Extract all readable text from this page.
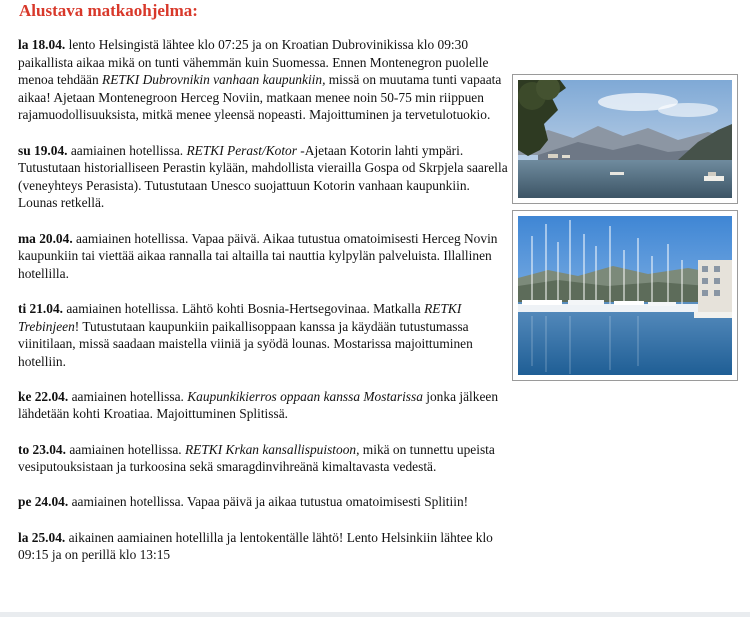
Alustava matkaohjelma:

la 18.04. lento Helsingistä lähtee klo 07:25 ja on Kroatian Dubrovinikissa klo 09:30 paikallista aikaa mikä on tunti vähemmän kuin Suomessa. Ennen Montenegron puolelle menoa tehdään RETKI Dubrovnikin vanhaan kaupunkiin, missä on muutama tunti vapaata aikaa! Ajetaan Montenegroon Herceg Noviin, matkaan menee noin 50-75 min riippuen rajamuodollisuuksista, mitkä menee yleensä nopeasti. Majoittuminen ja tervetulotuokio.

su 19.04. aamiainen hotellissa. RETKI Perast/Kotor -Ajetaan Kotorin lahti ympäri. Tutustutaan historialliseen Perastin kylään, mahdollista vierailla Gospa od Skrpjela saarella (veneyhteys Perasista). Tutustutaan Unesco suojattuun Kotorin vanhaan kaupunkiin. Lounas retkellä.

ma 20.04. aamiainen hotellissa. Vapaa päivä. Aikaa tutustua omatoimisesti Herceg Novin kaupunkiin tai viettää aikaa rannalla tai altailla tai nauttia kylpylän palveluista. Illallinen hotellilla.

ti 21.04. aamiainen hotellissa. Lähtö kohti Bosnia-Hertsegovinaa. Matkalla RETKI Trebinjeen! Tutustutaan kaupunkiin paikallisoppaan kanssa ja käydään tutustumassa viinitilaan, missä saadaan maistella viiniä ja syödä lounas. Mostarissa majoittuminen hotelliin.

ke 22.04. aamiainen hotellissa. Kaupunkikierros oppaan kanssa Mostarissa jonka jälkeen lähdetään kohti Kroatiaa. Majoittuminen Splitissä.

to 23.04. aamiainen hotellissa. RETKI Krkan kansallispuistoon, mikä on tunnettu upeista vesiputouksistaan ja turkoosina sekä smaragdinvihreänä kimaltavasta vedestä.

pe 24.04. aamiainen hotellissa. Vapaa päivä ja aikaa tutustua omatoimisesti Splitiin!

la 25.04. aikainen aamiainen hotellilla ja lentokentälle lähtö! Lento Helsinkiin lähtee klo 09:15 ja on perillä klo 13:15
